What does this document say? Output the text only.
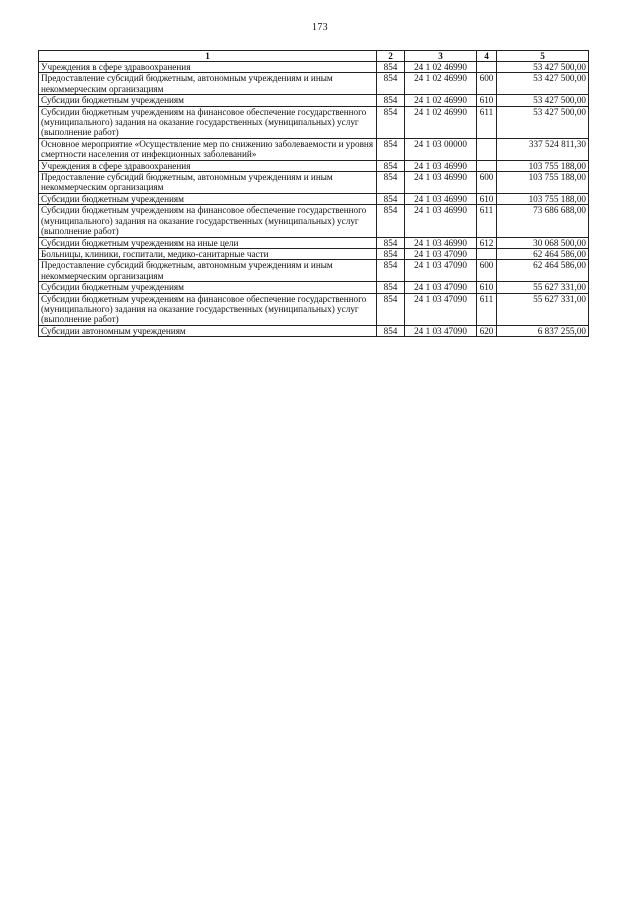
173
1	2	3	4	5
Учреждения в сфере здравоохранения	854	24 1 02 46990		53 427 500,00
Предоставление субсидий бюджетным, автономным учреждениям и иным некоммерческим организациям	854	24 1 02 46990	600	53 427 500,00
Субсидии бюджетным учреждениям	854	24 1 02 46990	610	53 427 500,00
Субсидии бюджетным учреждениям на финансовое обеспечение государственного (муниципального) задания на оказание государственных (муниципальных) услуг (выполнение работ)	854	24 1 02 46990	611	53 427 500,00
Основное мероприятие «Осуществление мер по снижению заболеваемости и уровня смертности населения от инфекционных заболеваний»	854	24 1 03 00000		337 524 811,30
Учреждения в сфере здравоохранения	854	24 1 03 46990		103 755 188,00
Предоставление субсидий бюджетным, автономным учреждениям и иным некоммерческим организациям	854	24 1 03 46990	600	103 755 188,00
Субсидии бюджетным учреждениям	854	24 1 03 46990	610	103 755 188,00
Субсидии бюджетным учреждениям на финансовое обеспечение государственного (муниципального) задания на оказание государственных (муниципальных) услуг (выполнение работ)	854	24 1 03 46990	611	73 686 688,00
Субсидии бюджетным учреждениям на иные цели	854	24 1 03 46990	612	30 068 500,00
Больницы, клиники, госпитали, медико-санитарные части	854	24 1 03 47090		62 464 586,00
Предоставление субсидий бюджетным, автономным учреждениям и иным некоммерческим организациям	854	24 1 03 47090	600	62 464 586,00
Субсидии бюджетным учреждениям	854	24 1 03 47090	610	55 627 331,00
Субсидии бюджетным учреждениям на финансовое обеспечение государственного (муниципального) задания на оказание государственных (муниципальных) услуг (выполнение работ)	854	24 1 03 47090	611	55 627 331,00
Субсидии автономным учреждениям	854	24 1 03 47090	620	6 837 255,00
